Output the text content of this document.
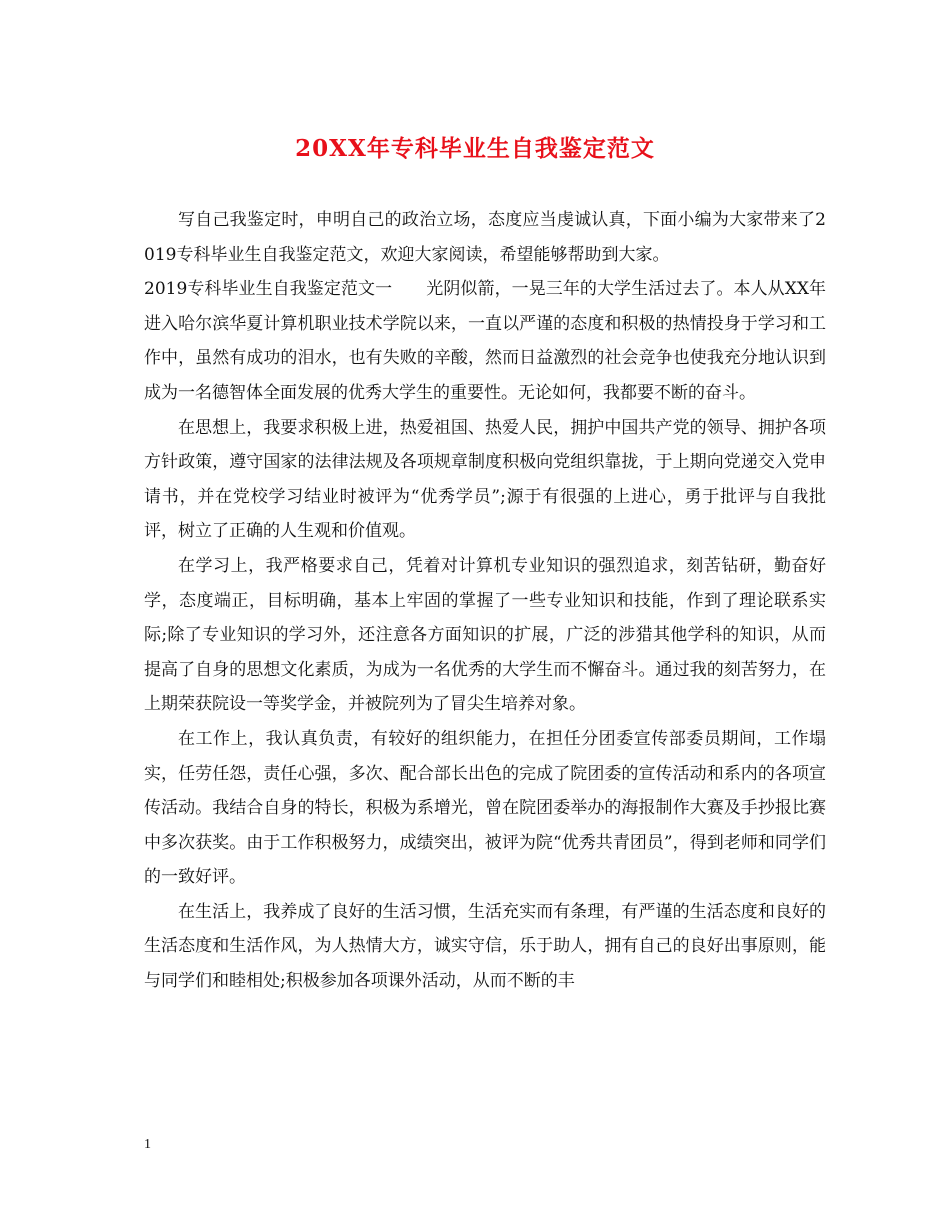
20XX年专科毕业生自我鉴定范文

写自己我鉴定时，申明自己的政治立场，态度应当虔诚认真，下面小编为大家带来了2019专科毕业生自我鉴定范文，欢迎大家阅读，希望能够帮助到大家。

2019专科毕业生自我鉴定范文一　　光阴似箭，一晃三年的大学生活过去了。本人从XX年进入哈尔滨华夏计算机职业技术学院以来，一直以严谨的态度和积极的热情投身于学习和工作中，虽然有成功的泪水，也有失败的辛酸，然而日益激烈的社会竞争也使我充分地认识到成为一名德智体全面发展的优秀大学生的重要性。无论如何，我都要不断的奋斗。

在思想上，我要求积极上进，热爱祖国、热爱人民，拥护中国共产党的领导、拥护各项方针政策，遵守国家的法律法规及各项规章制度积极向党组织靠拢，于上期向党递交入党申请书，并在党校学习结业时被评为“优秀学员”;源于有很强的上进心，勇于批评与自我批评，树立了正确的人生观和价值观。

在学习上，我严格要求自己，凭着对计算机专业知识的强烈追求，刻苦钻研，勤奋好学，态度端正，目标明确，基本上牢固的掌握了一些专业知识和技能，作到了理论联系实际;除了专业知识的学习外，还注意各方面知识的扩展，广泛的涉猎其他学科的知识，从而提高了自身的思想文化素质，为成为一名优秀的大学生而不懈奋斗。通过我的刻苦努力，在上期荣获院设一等奖学金，并被院列为了冒尖生培养对象。

在工作上，我认真负责，有较好的组织能力，在担任分团委宣传部委员期间，工作塌实，任劳任怨，责任心强，多次、配合部长出色的完成了院团委的宣传活动和系内的各项宣传活动。我结合自身的特长，积极为系增光，曾在院团委举办的海报制作大赛及手抄报比赛中多次获奖。由于工作积极努力，成绩突出，被评为院“优秀共青团员”，得到老师和同学们的一致好评。

在生活上，我养成了良好的生活习惯，生活充实而有条理，有严谨的生活态度和良好的生活态度和生活作风，为人热情大方，诚实守信，乐于助人，拥有自己的良好出事原则，能与同学们和睦相处;积极参加各项课外活动，从而不断的丰

1
